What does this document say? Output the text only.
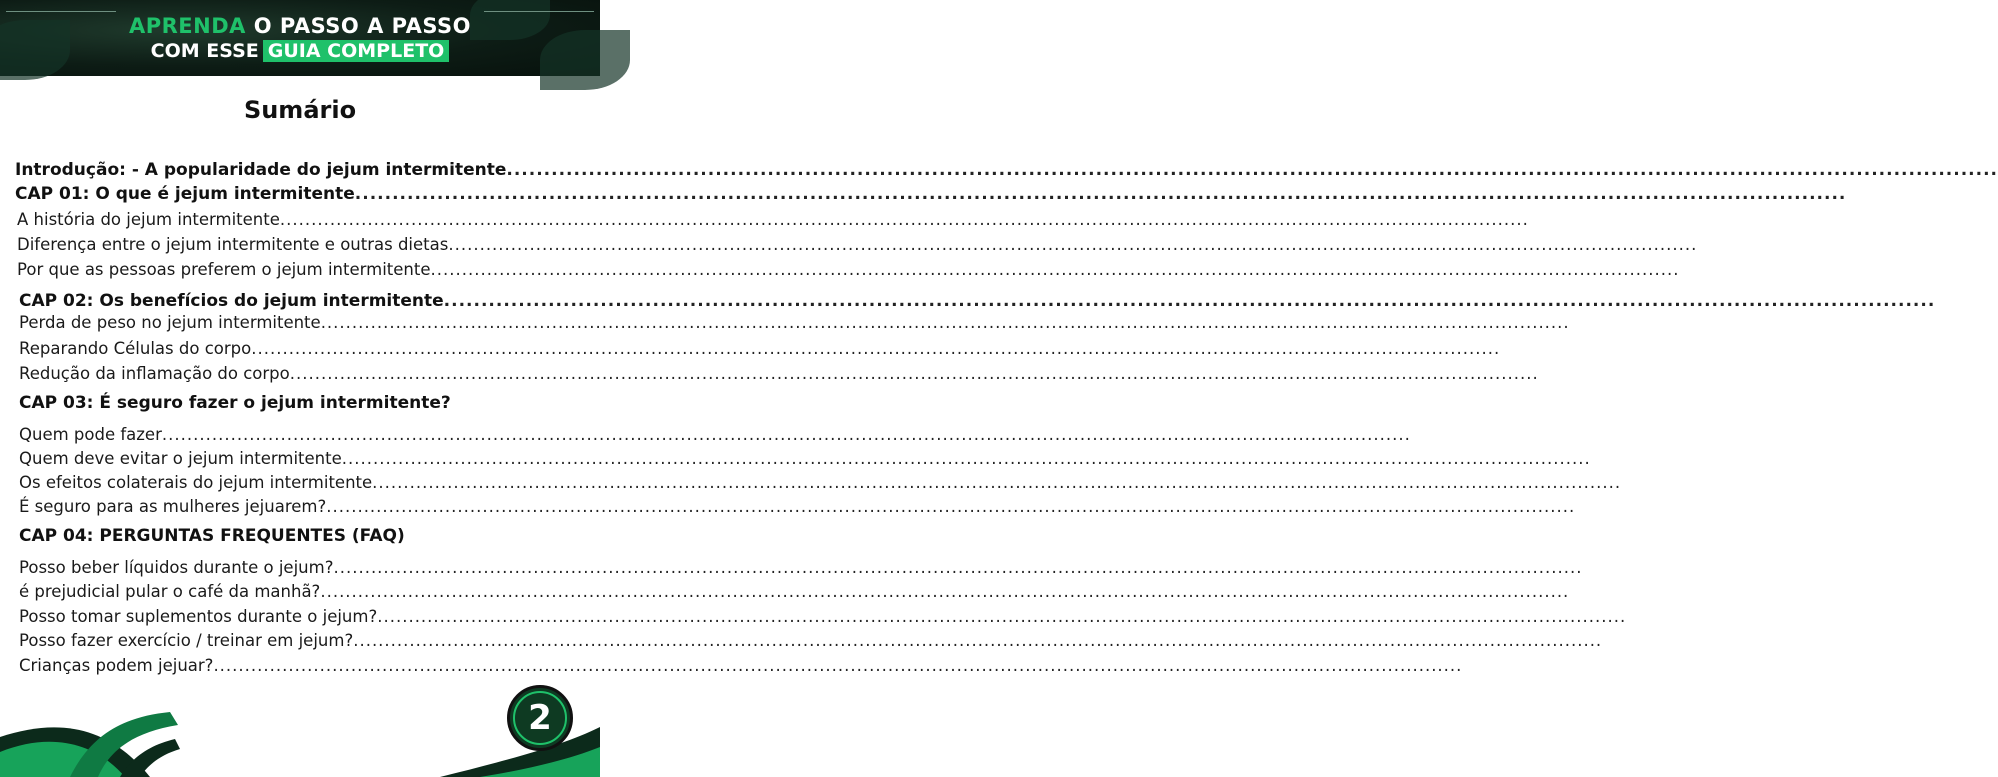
APRENDA O PASSO A PASSO
COM ESSE GUIA COMPLETO
Sumário
Introdução: - A popularidade do jejum intermitente ........................................................................................................................................................................................................
CAP 01: O que é jejum intermitente ........................................................................................................................................................................................................
A história do jejum intermitente ........................................................................................................................................................................................................
Diferença entre o jejum intermitente e outras dietas ........................................................................................................................................................................................................
Por que as pessoas preferem o jejum intermitente ........................................................................................................................................................................................................
CAP 02: Os benefícios do jejum intermitente ........................................................................................................................................................................................................
Perda de peso no jejum intermitente ........................................................................................................................................................................................................
Reparando Células do corpo ........................................................................................................................................................................................................
Redução da inflamação do corpo ........................................................................................................................................................................................................
CAP 03: É seguro fazer o jejum intermitente?
Quem pode fazer ........................................................................................................................................................................................................
Quem deve evitar o jejum intermitente ........................................................................................................................................................................................................
Os efeitos colaterais do jejum intermitente ........................................................................................................................................................................................................
É seguro para as mulheres jejuarem? ........................................................................................................................................................................................................
CAP 04: PERGUNTAS FREQUENTES (FAQ)
Posso beber líquidos durante o jejum? ........................................................................................................................................................................................................
é prejudicial pular o café da manhã? ........................................................................................................................................................................................................
Posso tomar suplementos durante o jejum? ........................................................................................................................................................................................................
Posso fazer exercício / treinar em jejum? ........................................................................................................................................................................................................
Crianças podem jejuar? ........................................................................................................................................................................................................
2
